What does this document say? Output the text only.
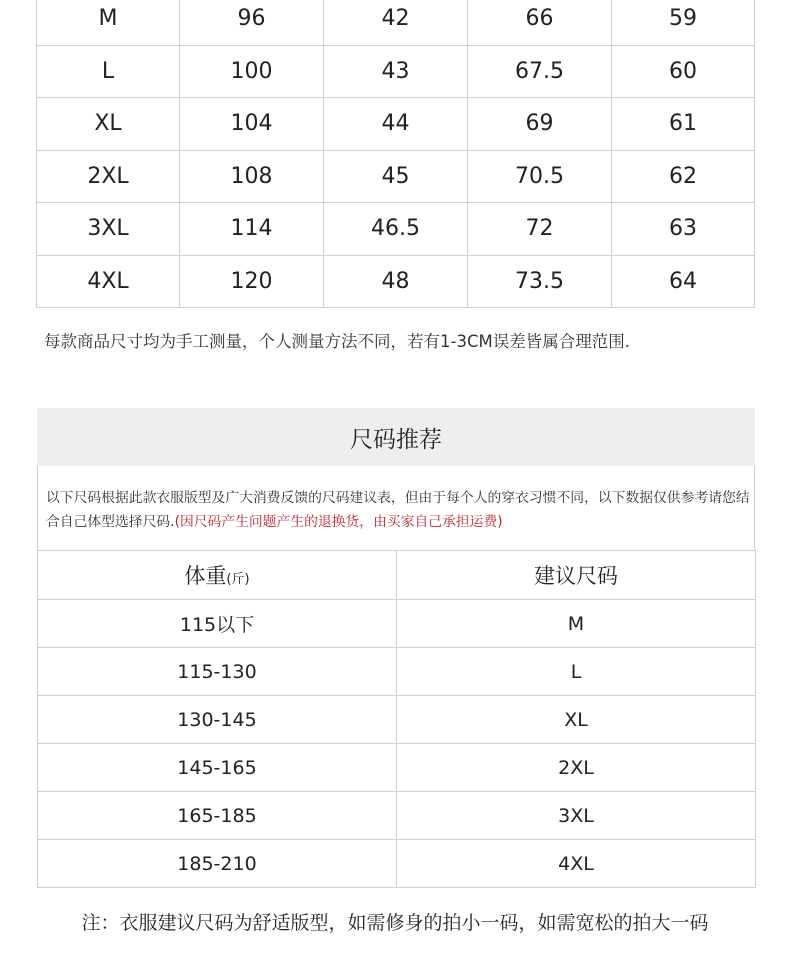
M	96	42	66	59
L	100	43	67.5	60
XL	104	44	69	61
2XL	108	45	70.5	62
3XL	114	46.5	72	63
4XL	120	48	73.5	64
每款商品尺寸均为手工测量，个人测量方法不同，若有1-3CM误差皆属合理范围.
尺码推荐
以下尺码根据此款衣服版型及广大消费反馈的尺码建议表，但由于每个人的穿衣习惯不同，以下数据仅供参考请您结合自己体型选择尺码.(因尺码产生问题产生的退换货，由买家自己承担运费)
体重(斤)	建议尺码
115以下	M
115-130	L
130-145	XL
145-165	2XL
165-185	3XL
185-210	4XL
注：衣服建议尺码为舒适版型，如需修身的拍小一码，如需宽松的拍大一码
